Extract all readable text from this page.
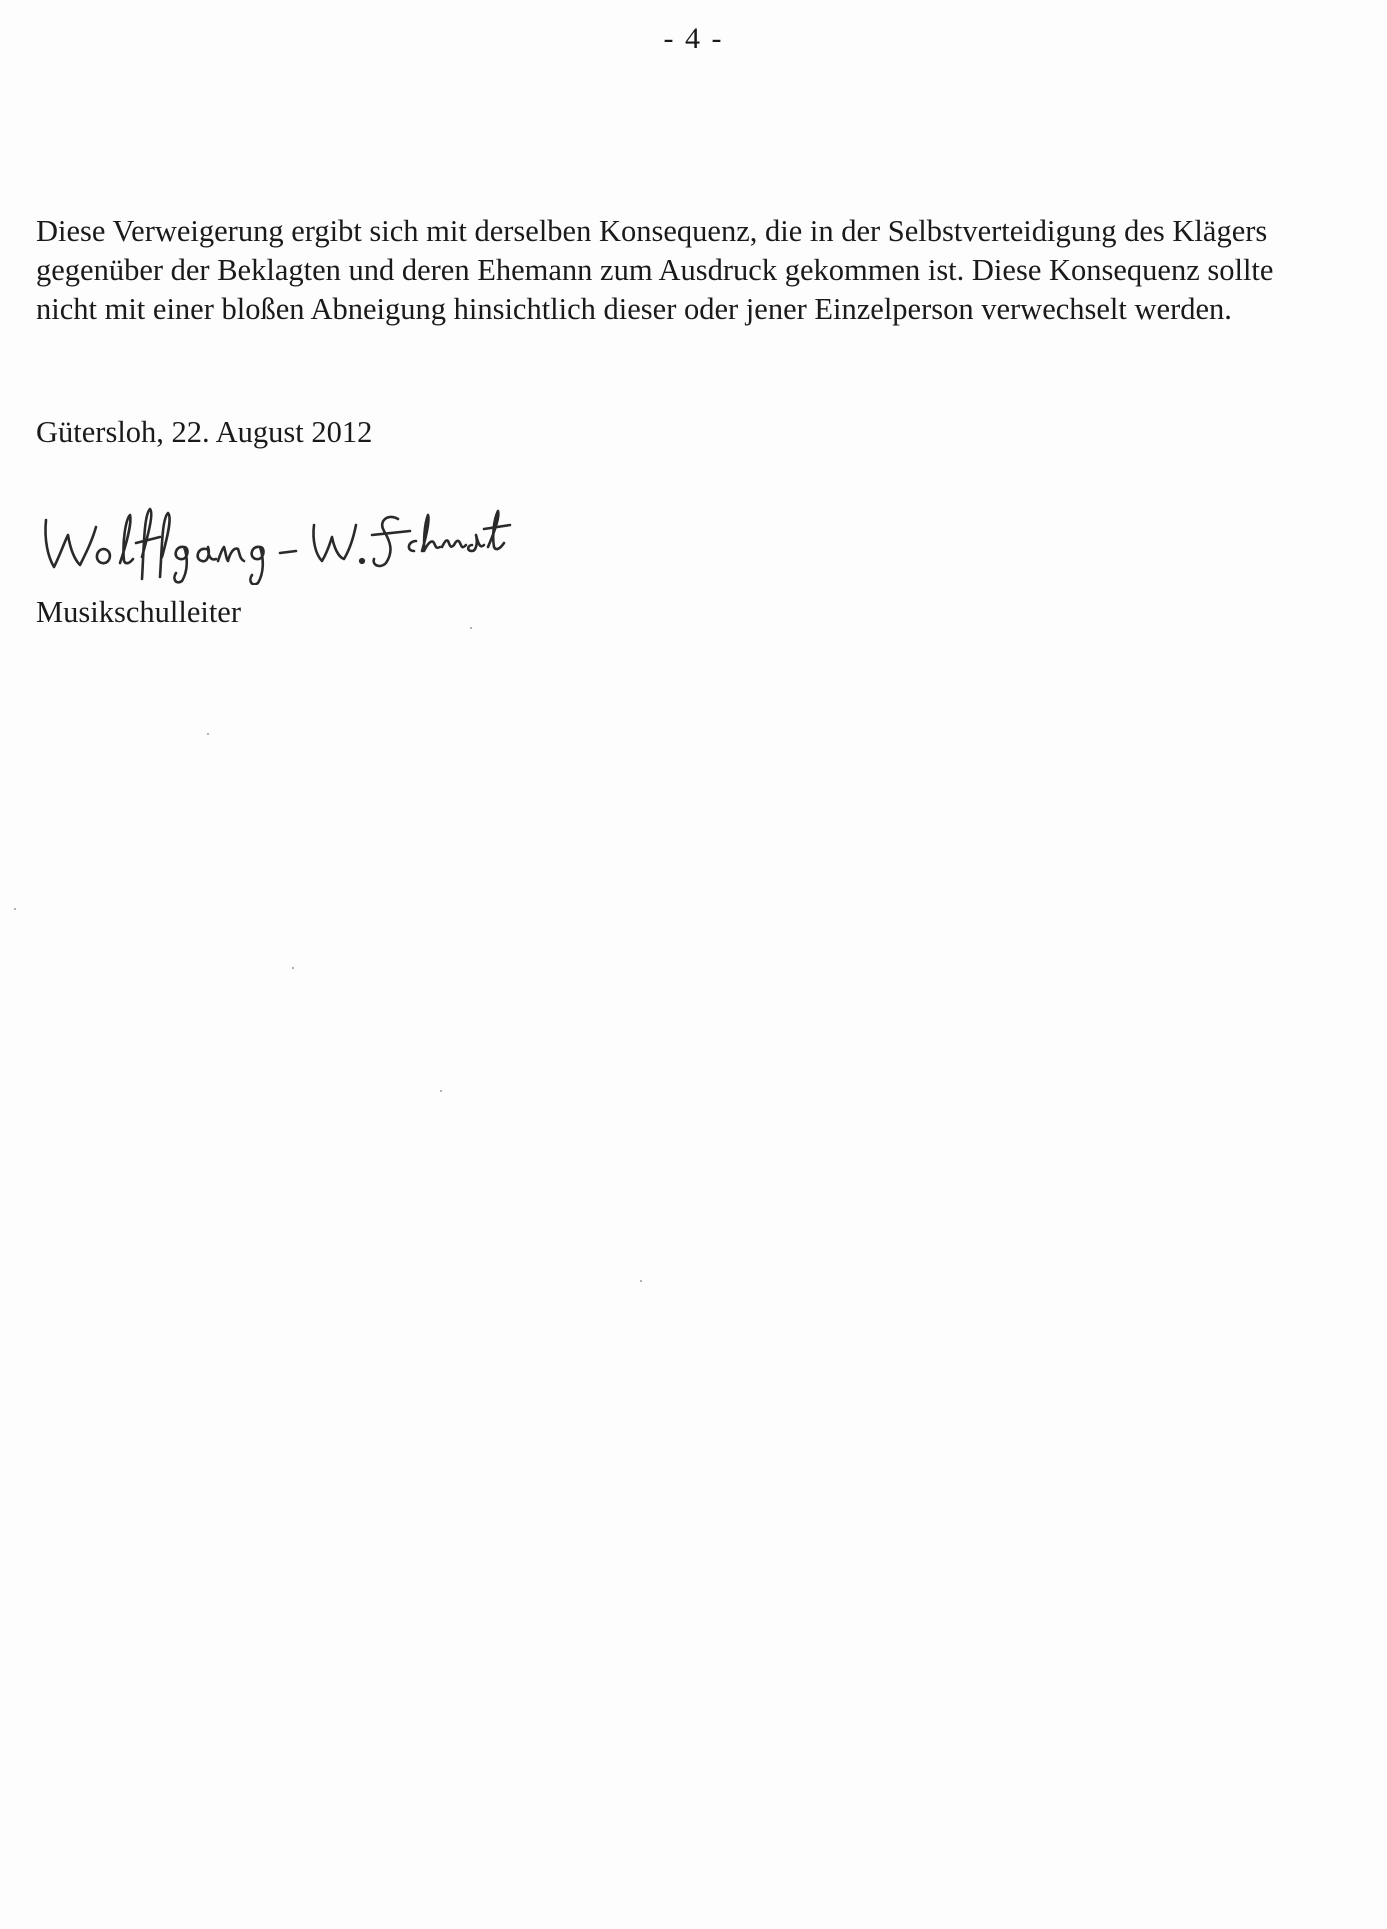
- 4 -
Diese Verweigerung ergibt sich mit derselben Konsequenz, die in der Selbstverteidigung des Klägers
gegenüber der Beklagten und deren Ehemann zum Ausdruck gekommen ist. Diese Konsequenz sollte
nicht mit einer bloßen Abneigung hinsichtlich dieser oder jener Einzelperson verwechselt werden.
Gütersloh, 22. August 2012
Musikschulleiter
